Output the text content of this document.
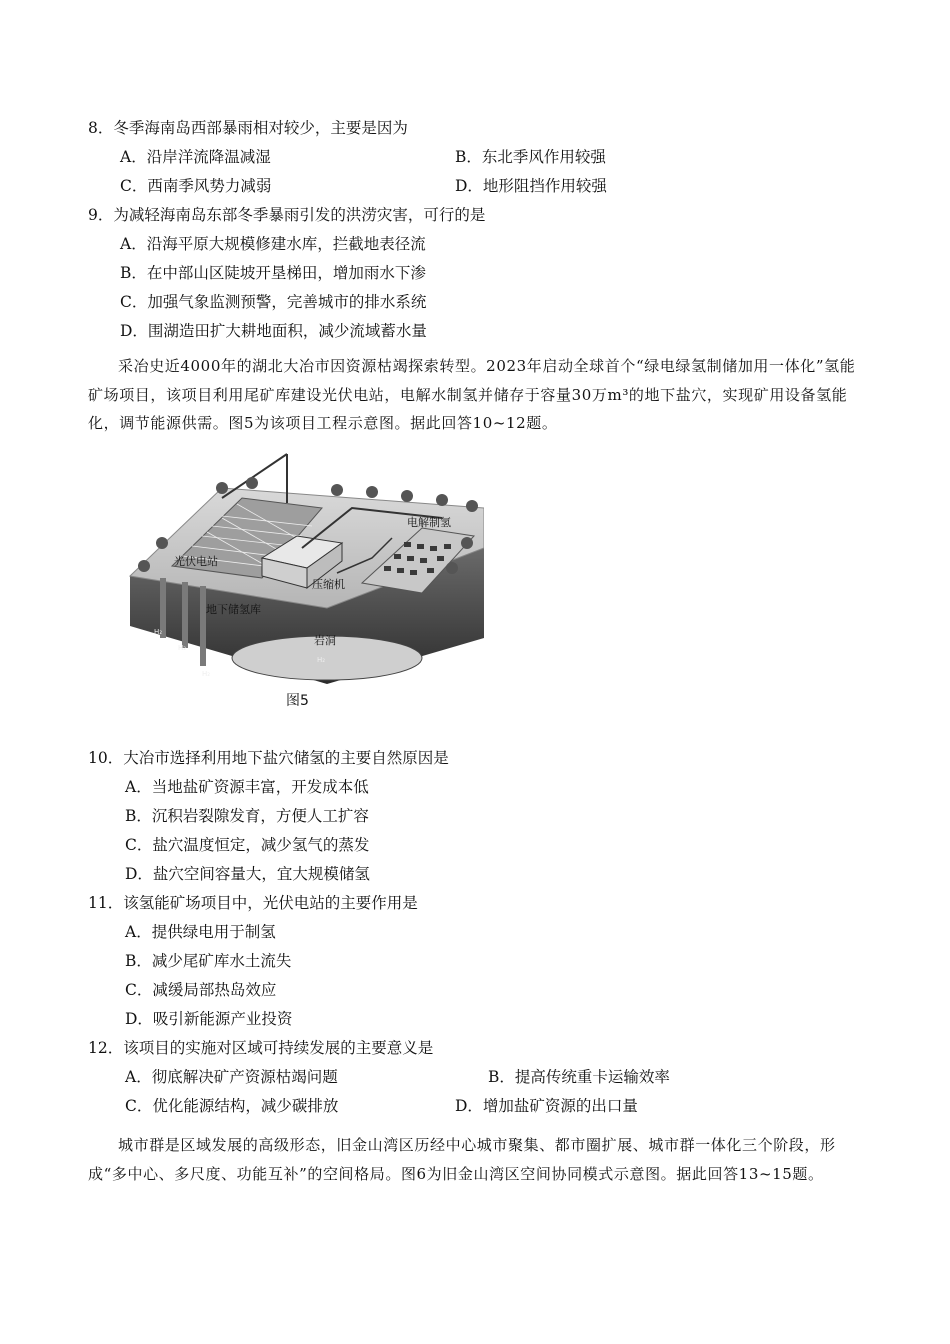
8．冬季海南岛西部暴雨相对较少，主要是因为
A．沿岸洋流降温减湿	B．东北季风作用较强
C．西南季风势力减弱	D．地形阻挡作用较强
9．为减轻海南岛东部冬季暴雨引发的洪涝灾害，可行的是
A．沿海平原大规模修建水库，拦截地表径流
B．在中部山区陡坡开垦梯田，增加雨水下渗
C．加强气象监测预警，完善城市的排水系统
D．围湖造田扩大耕地面积，减少流域蓄水量
采冶史近4000年的湖北大冶市因资源枯竭探索转型。2023年启动全球首个“绿电绿氢制储加用一体化”氢能矿场项目，该项目利用尾矿库建设光伏电站，电解水制氢并储存于容量30万m³的地下盐穴，实现矿用设备氢能化，调节能源供需。图5为该项目工程示意图。据此回答10~12题。
光伏电站
电解制氢
压缩机
地下储氢库
岩洞
H₂
H₂
H₂
H₂
图5
10．大冶市选择利用地下盐穴储氢的主要自然原因是
A．当地盐矿资源丰富，开发成本低
B．沉积岩裂隙发育，方便人工扩容
C．盐穴温度恒定，减少氢气的蒸发
D．盐穴空间容量大，宜大规模储氢
11．该氢能矿场项目中，光伏电站的主要作用是
A．提供绿电用于制氢
B．减少尾矿库水土流失
C．减缓局部热岛效应
D．吸引新能源产业投资
12．该项目的实施对区域可持续发展的主要意义是
A．彻底解决矿产资源枯竭问题	B．提高传统重卡运输效率
C．优化能源结构，减少碳排放	D．增加盐矿资源的出口量
城市群是区域发展的高级形态，旧金山湾区历经中心城市聚集、都市圈扩展、城市群一体化三个阶段，形成“多中心、多尺度、功能互补”的空间格局。图6为旧金山湾区空间协同模式示意图。据此回答13~15题。
